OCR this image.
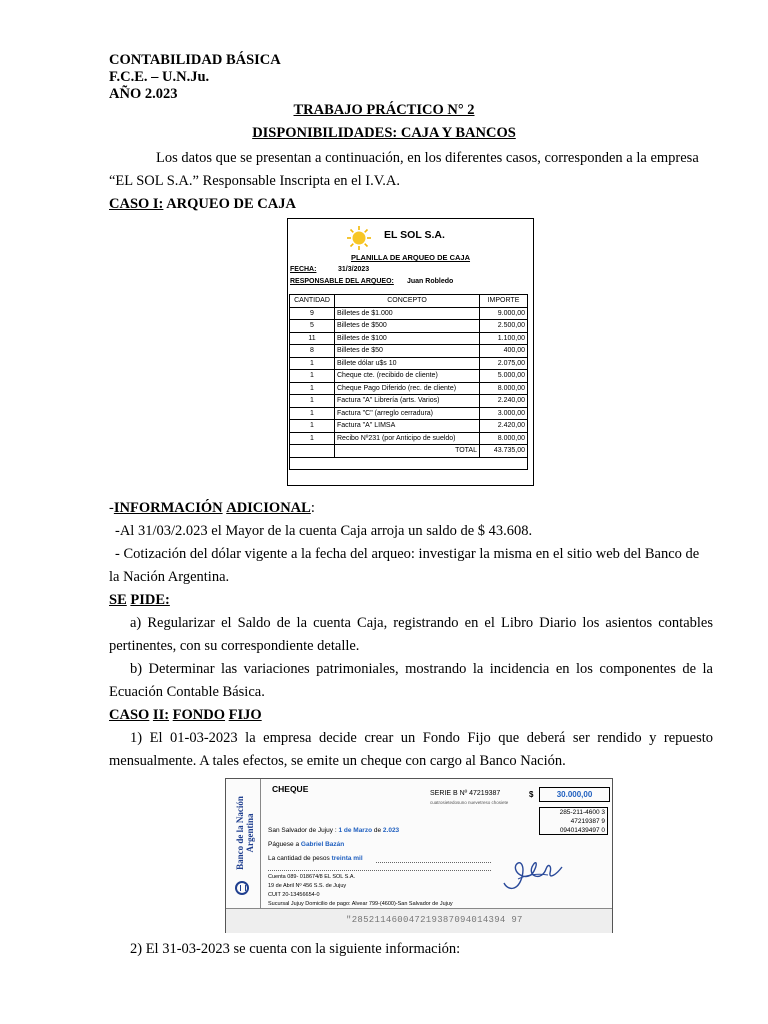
CONTABILIDAD BÁSICA
F.C.E. – U.N.Ju.
AÑO 2.023
TRABAJO PRÁCTICO N° 2
DISPONIBILIDADES: CAJA Y BANCOS
Los datos que se presentan a continuación, en los diferentes casos, corresponden a la empresa
“EL SOL S.A.” Responsable Inscripta en el I.V.A.
CASO I: ARQUEO DE CAJA
EL SOL S.A.
PLANILLA DE ARQUEO DE CAJA
FECHA:	31/3/2023
RESPONSABLE DEL ARQUEO: Juan Robledo
CANTIDAD	CONCEPTO	IMPORTE
9	Billetes de $1.000	9.000,00
5	Billetes de $500	2.500,00
11	Billetes de $100	1.100,00
8	Billetes de $50	400,00
1	Billete dólar u$s 10	2.075,00
1	Cheque cte. (recibido de cliente)	5.000,00
1	Cheque Pago Diferido (rec. de cliente)	8.000,00
1	Factura "A" Librería (arts. Varios)	2.240,00
1	Factura "C" (arreglo cerradura)	3.000,00
1	Factura "A" LIMSA	2.420,00
1	Recibo Nº231 (por Anticipo de sueldo)	8.000,00
	TOTAL	43.735,00

-INFORMACIÓN ADICIONAL:
-Al 31/03/2.023 el Mayor de la cuenta Caja arroja un saldo de $ 43.608.
- Cotización del dólar vigente a la fecha del arqueo: investigar la misma en el sitio web del Banco de
la Nación Argentina.
SE PIDE:
a) Regularizar el Saldo de la cuenta Caja, registrando en el Libro Diario los asientos contables
pertinentes, con su correspondiente detalle.
b) Determinar las variaciones patrimoniales, mostrando la incidencia en los componentes de la
Ecuación Contable Básica.
CASO II: FONDO FIJO
1) El 01-03-2023 la empresa decide crear un Fondo Fijo que deberá ser rendido y repuesto
mensualmente. A tales efectos, se emite un cheque con cargo al Banco Nación.
Banco de la Nación
Argentina
CHEQUE	SERIE B Nº 47219387
cuatrosietedosuno nuevetreso chosiete
$	30.000,00
285-211-4600 3
47219387 9
09401439497 0
San Salvador de Jujuy : 1 de Marzo de 2.023
Páguese a Gabriel Bazán
La cantidad de pesos treinta mil
Cuenta 089- 018674/8 EL SOL S.A.
19 de Abril Nº 456 S.S. de Jujuy
CUIT 20-13456654-0
Sucursal Jujuy Domicilio de pago: Alvear 799-(4600)-San Salvador de Jujuy
"285211460047219387094014394 97
2) El 31-03-2023 se cuenta con la siguiente información:
